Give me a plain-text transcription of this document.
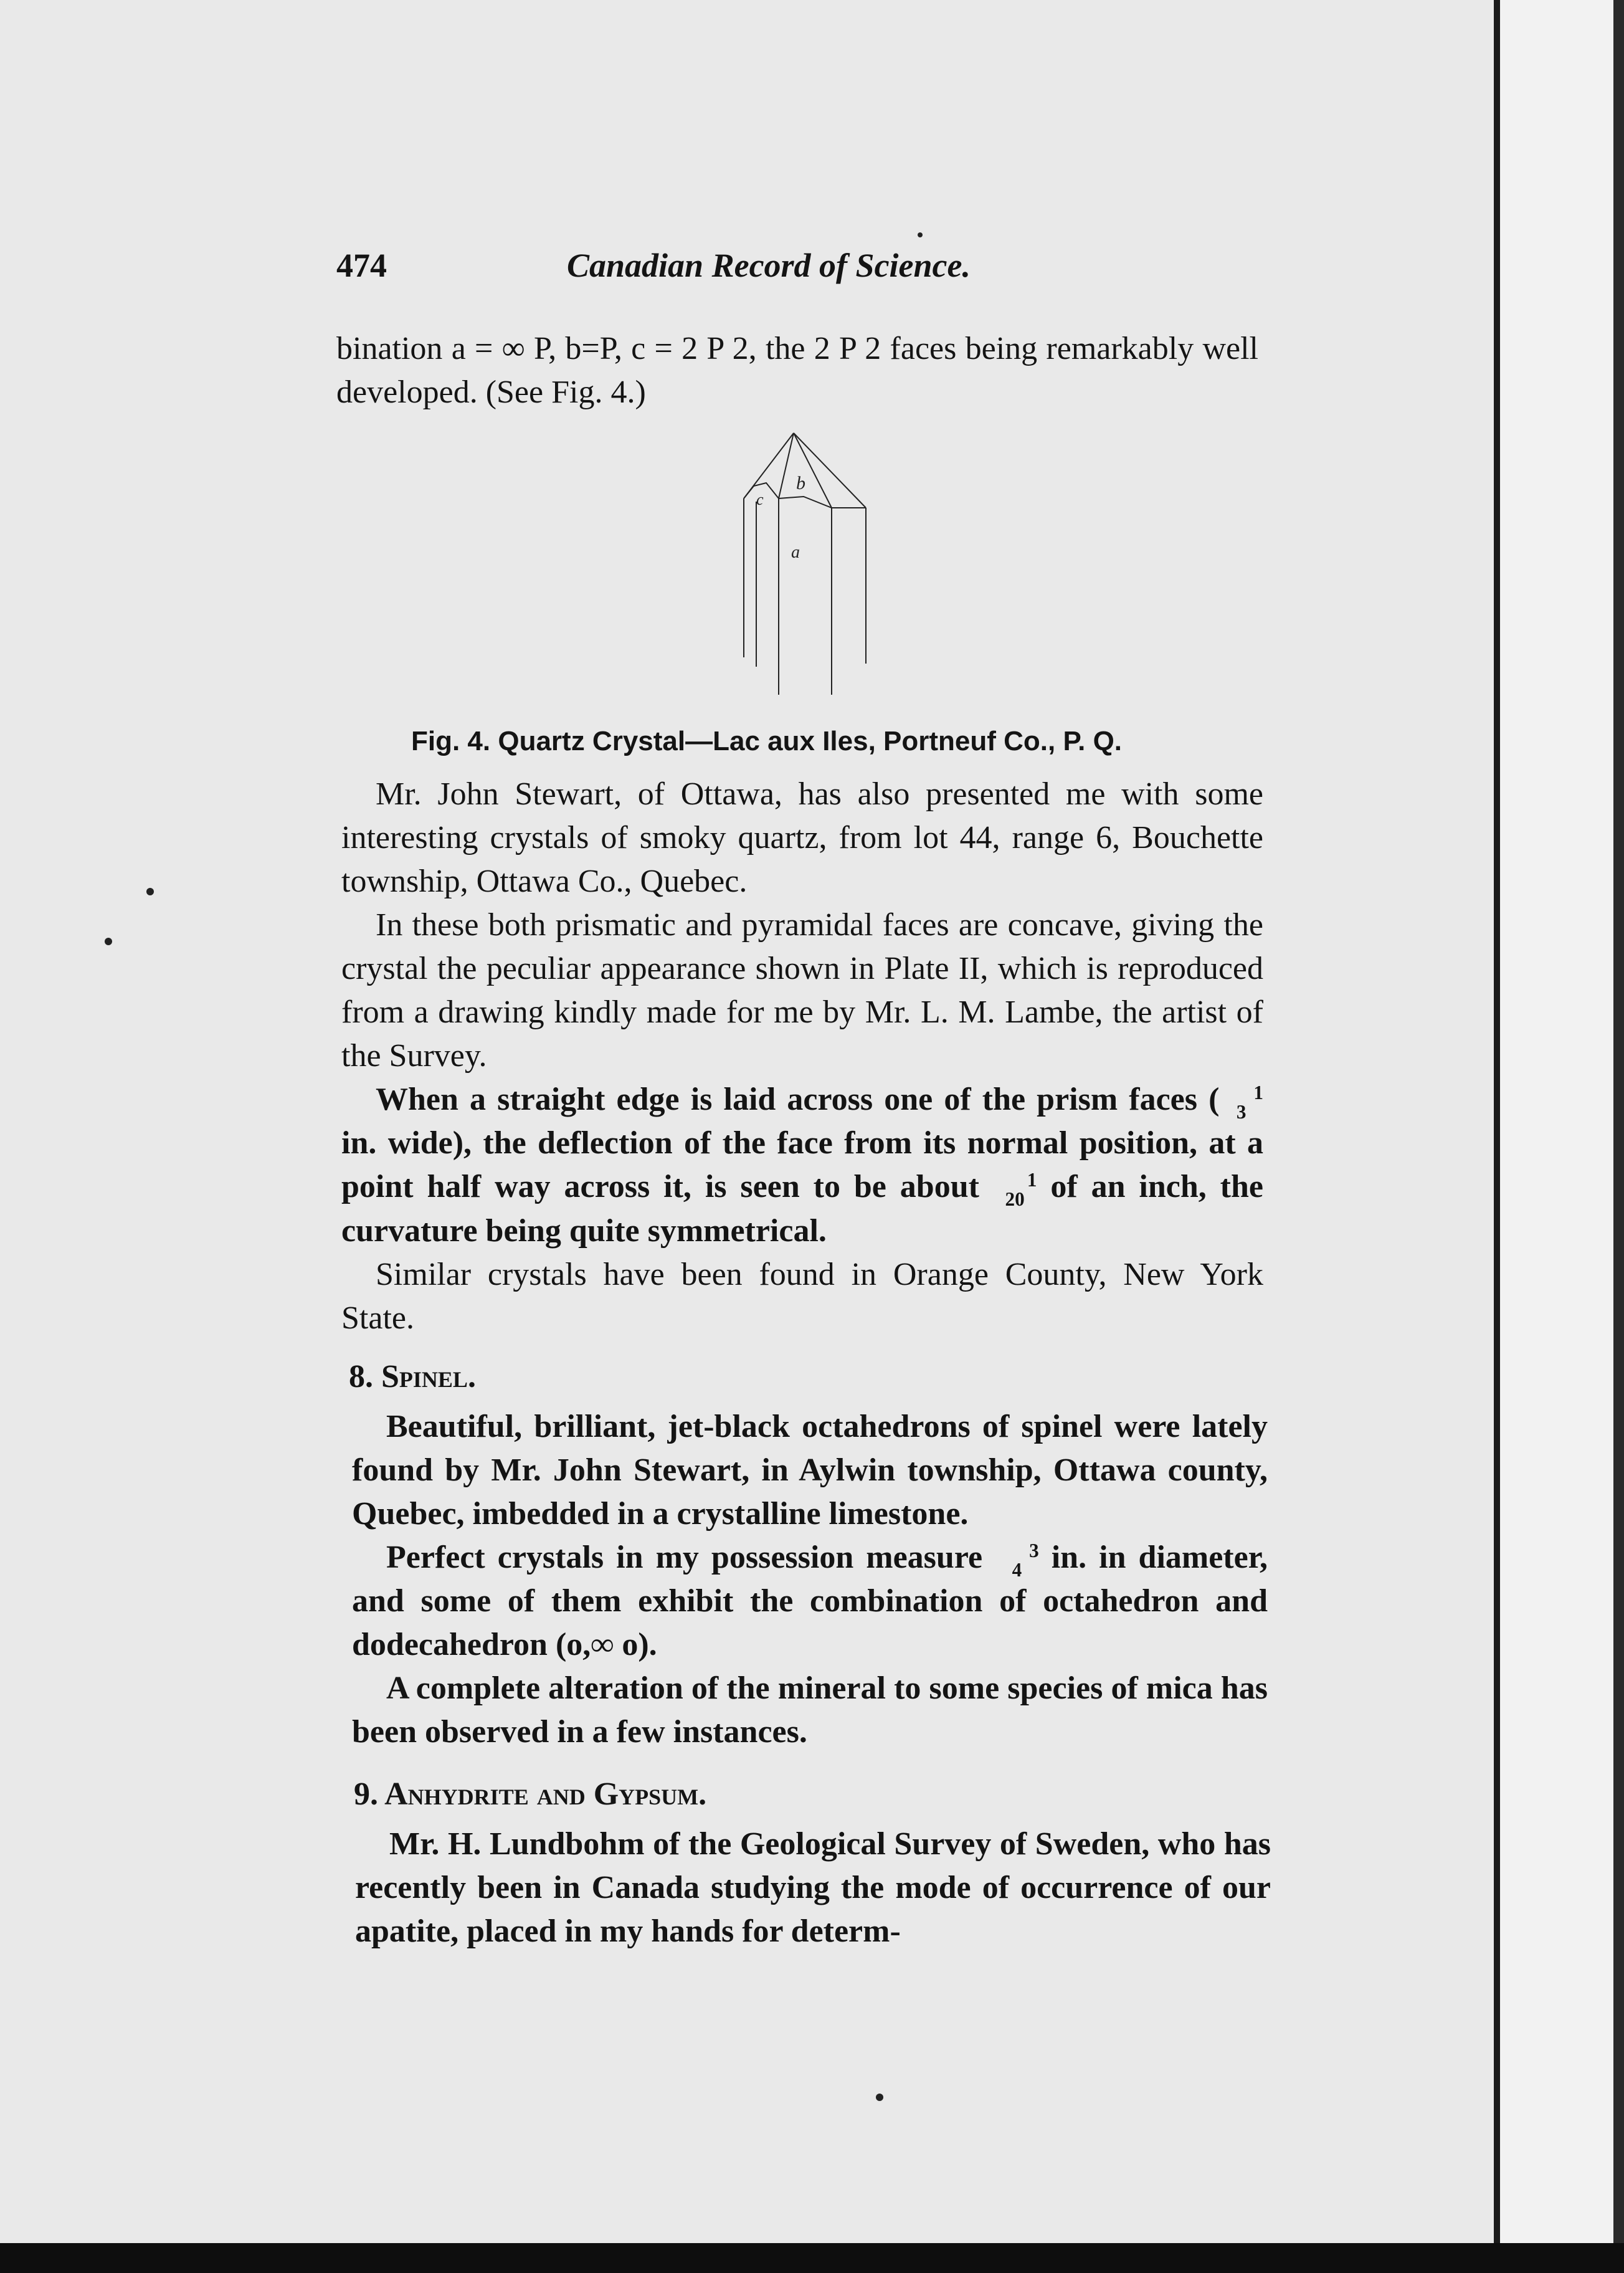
474	Canadian Record of Science.
bination a = ∞ P, b=P, c = 2 P 2, the 2 P 2 faces being remarkably well developed. (See Fig. 4.)
b
c
a
Fig. 4. Quartz Crystal—Lac aux Iles, Portneuf Co., P. Q.

Mr. John Stewart, of Ottawa, has also presented me with some interesting crystals of smoky quartz, from lot 44, range 6, Bouchette township, Ottawa Co., Quebec.

In these both prismatic and pyramidal faces are concave, giving the crystal the peculiar appearance shown in Plate II, which is reproduced from a drawing kindly made for me by Mr. L. M. Lambe, the artist of the Survey.

When a straight edge is laid across one of the prism faces ( 1
3 in. wide), the deflection of the face from its normal position, at a point half way across it, is seen to be about 1
20 of an inch, the curvature being quite symmetrical.

Similar crystals have been found in Orange County, New York State.

8. Spinel.

Beautiful, brilliant, jet-black octahedrons of spinel were lately found by Mr. John Stewart, in Aylwin township, Ottawa county, Quebec, imbedded in a crystalline limestone.

Perfect crystals in my possession measure 3
4 in. in diameter, and some of them exhibit the combination of octahedron and dodecahedron (o,∞ o).

A complete alteration of the mineral to some species of mica has been observed in a few instances.

9. Anhydrite and Gypsum.

Mr. H. Lundbohm of the Geological Survey of Sweden, who has recently been in Canada studying the mode of occurrence of our apatite, placed in my hands for determ-
